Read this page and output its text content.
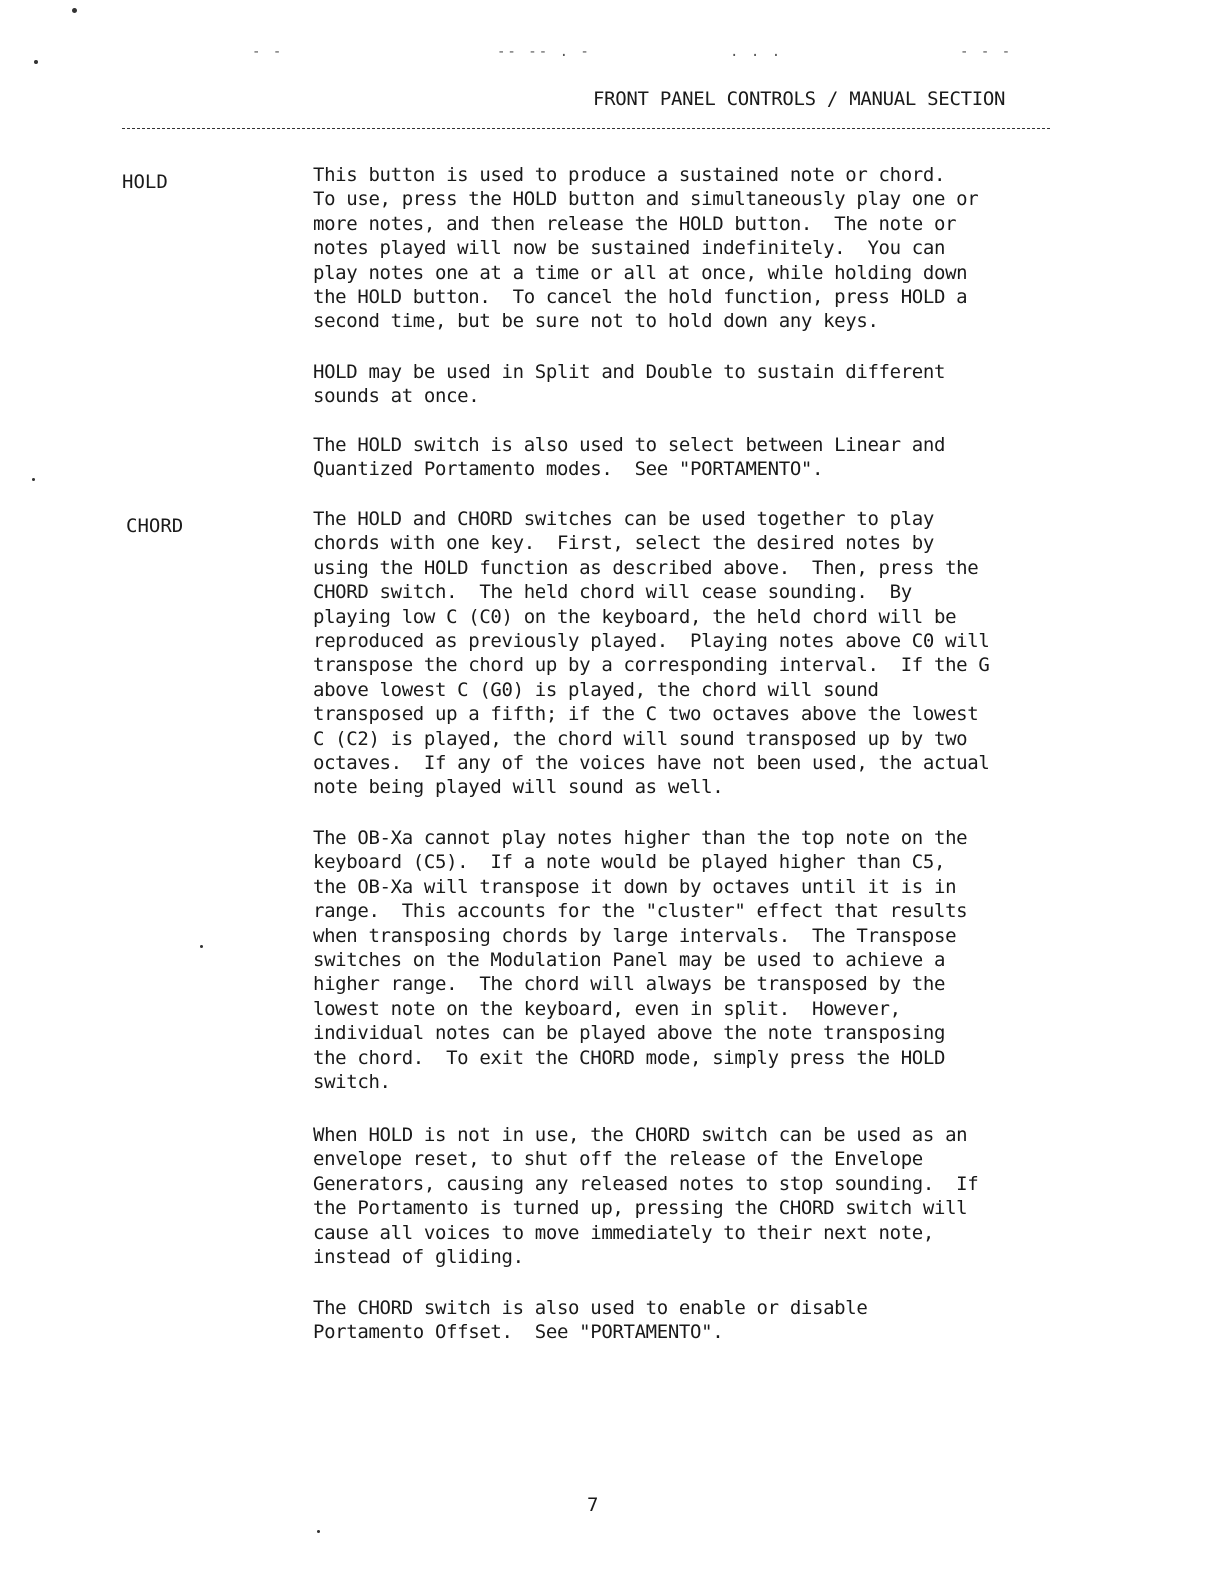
- -	-- -- . -	. . .	- - -
FRONT PANEL CONTROLS / MANUAL SECTION
HOLD	This button is used to produce a sustained note or chord.
To use, press the HOLD button and simultaneously play one or
more notes, and then release the HOLD button.  The note or
notes played will now be sustained indefinitely.  You can
play notes one at a time or all at once, while holding down
the HOLD button.  To cancel the hold function, press HOLD a
second time, but be sure not to hold down any keys.
HOLD may be used in Split and Double to sustain different
sounds at once.
The HOLD switch is also used to select between Linear and
Quantized Portamento modes.  See "PORTAMENTO".
CHORD	The HOLD and CHORD switches can be used together to play
chords with one key.  First, select the desired notes by
using the HOLD function as described above.  Then, press the
CHORD switch.  The held chord will cease sounding.  By
playing low C (C0) on the keyboard, the held chord will be
reproduced as previously played.  Playing notes above C0 will
transpose the chord up by a corresponding interval.  If the G
above lowest C (G0) is played, the chord will sound
transposed up a fifth; if the C two octaves above the lowest
C (C2) is played, the chord will sound transposed up by two
octaves.  If any of the voices have not been used, the actual
note being played will sound as well.
The OB-Xa cannot play notes higher than the top note on the
keyboard (C5).  If a note would be played higher than C5,
the OB-Xa will transpose it down by octaves until it is in
range.  This accounts for the "cluster" effect that results
when transposing chords by large intervals.  The Transpose
switches on the Modulation Panel may be used to achieve a
higher range.  The chord will always be transposed by the
lowest note on the keyboard, even in split.  However,
individual notes can be played above the note transposing
the chord.  To exit the CHORD mode, simply press the HOLD
switch.
When HOLD is not in use, the CHORD switch can be used as an
envelope reset, to shut off the release of the Envelope
Generators, causing any released notes to stop sounding.  If
the Portamento is turned up, pressing the CHORD switch will
cause all voices to move immediately to their next note,
instead of gliding.
The CHORD switch is also used to enable or disable
Portamento Offset.  See "PORTAMENTO".
7
